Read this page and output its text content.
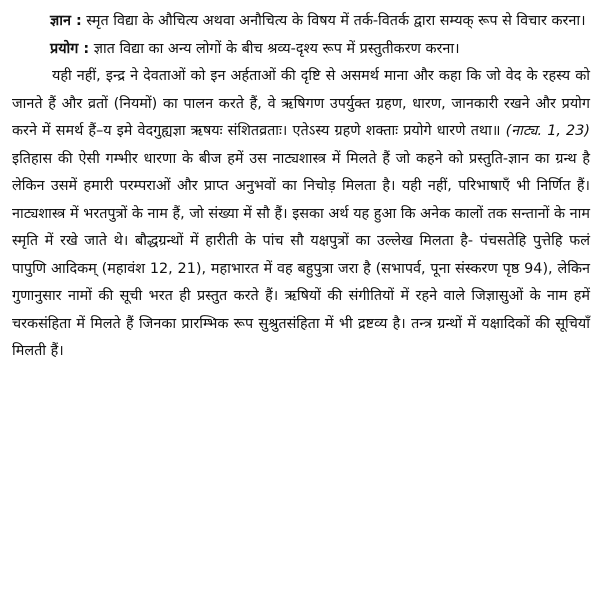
ज्ञान : स्मृत विद्या के औचित्य अथवा अनौचित्य के विषय में तर्क-वितर्क द्वारा सम्यक् रूप से विचार करना।

प्रयोग : ज्ञात विद्या का अन्य लोगों के बीच श्रव्य-दृश्य रूप में प्रस्तुतीकरण करना।

यही नहीं, इन्द्र ने देवताओं को इन अर्हताओं की दृष्टि से असमर्थ माना और कहा कि जो वेद के रहस्य को जानते हैं और व्रतों (नियमों) का पालन करते हैं, वे ऋषिगण उपर्युक्त ग्रहण, धारण, जानकारी रखने और प्रयोग करने में समर्थ हैं–य इमे वेदगुह्यज्ञा ऋषयः संशितव्रताः। एतेऽस्य ग्रहणे शक्ताः प्रयोगे धारणे तथा॥ (नाट्य. 1, 23) इतिहास की ऐसी गम्भीर धारणा के बीज हमें उस नाट्यशास्त्र में मिलते हैं जो कहने को प्रस्तुति-ज्ञान का ग्रन्थ है लेकिन उसमें हमारी परम्पराओं और प्राप्त अनुभवों का निचोड़ मिलता है। यही नहीं, परिभाषाएँ भी निर्णित हैं। नाट्यशास्त्र में भरतपुत्रों के नाम हैं, जो संख्या में सौ हैं। इसका अर्थ यह हुआ कि अनेक कालों तक सन्तानों के नाम स्मृति में रखे जाते थे। बौद्धग्रन्थों में हारीती के पांच सौ यक्षपुत्रों का उल्लेख मिलता है- पंचसतेहि पुत्तेहि फलं पापुणि आदिकम् (महावंश 12, 21), महाभारत में वह बहुपुत्रा जरा है (सभापर्व, पूना संस्करण पृष्ठ 94), लेकिन गुणानुसार नामों की सूची भरत ही प्रस्तुत करते हैं। ऋषियों की संगीतियों में रहने वाले जिज्ञासुओं के नाम हमें चरकसंहिता में मिलते हैं जिनका प्रारम्भिक रूप सुश्रुतसंहिता में भी द्रष्टव्य है। तन्त्र ग्रन्थों में यक्षादिकों की सूचियाँ मिलती हैं।
